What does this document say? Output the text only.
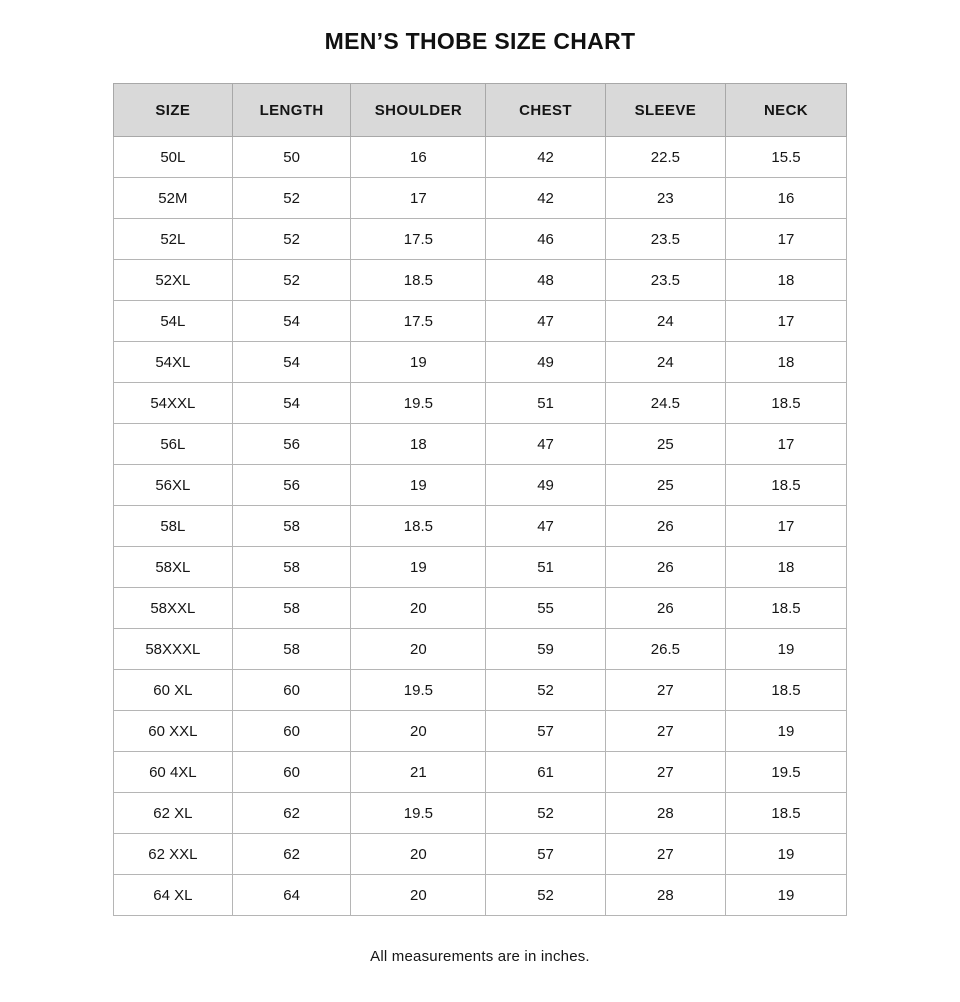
MEN’S THOBE SIZE CHART
SIZE	LENGTH	SHOULDER	CHEST	SLEEVE	NECK
50L	50	16	42	22.5	15.5
52M	52	17	42	23	16
52L	52	17.5	46	23.5	17
52XL	52	18.5	48	23.5	18
54L	54	17.5	47	24	17
54XL	54	19	49	24	18
54XXL	54	19.5	51	24.5	18.5
56L	56	18	47	25	17
56XL	56	19	49	25	18.5
58L	58	18.5	47	26	17
58XL	58	19	51	26	18
58XXL	58	20	55	26	18.5
58XXXL	58	20	59	26.5	19
60 XL	60	19.5	52	27	18.5
60 XXL	60	20	57	27	19
60 4XL	60	21	61	27	19.5
62 XL	62	19.5	52	28	18.5
62 XXL	62	20	57	27	19
64 XL	64	20	52	28	19
All measurements are in inches.
